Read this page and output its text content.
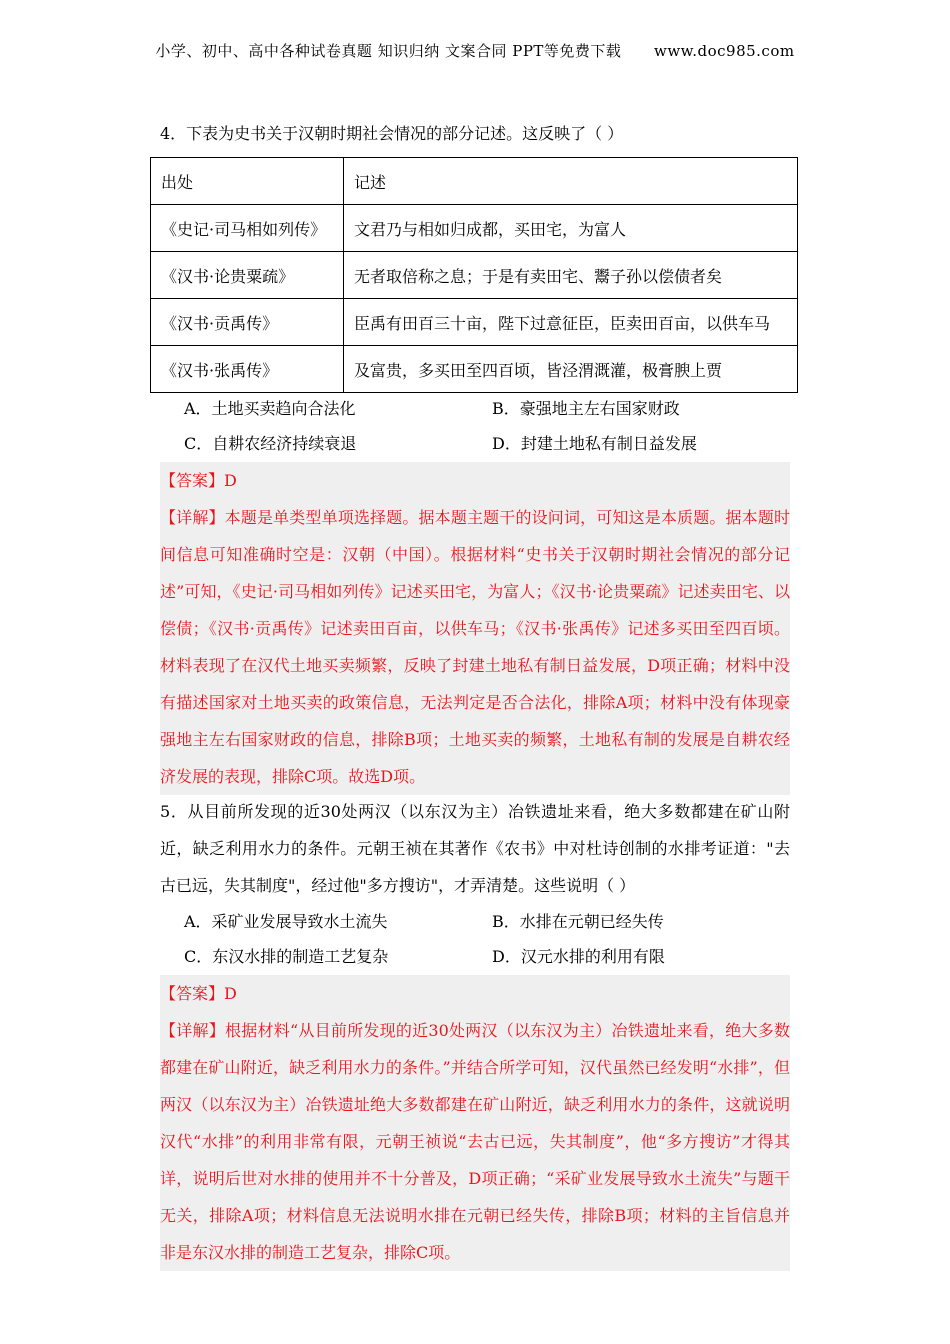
小学、初中、高中各种试卷真题 知识归纳 文案合同 PPT等免费下载 www.doc985.com
4．下表为史书关于汉朝时期社会情况的部分记述。这反映了（ ）
出处	记述
《史记·司马相如列传》	文君乃与相如归成都，买田宅，为富人
《汉书·论贵粟疏》	无者取倍称之息；于是有卖田宅、鬻子孙以偿债者矣
《汉书·贡禹传》	臣禹有田百三十亩，陛下过意征臣，臣卖田百亩，以供车马
《汉书·张禹传》	及富贵，多买田至四百顷，皆泾渭溉灌，极膏腴上贾
A．土地买卖趋向合法化	B．豪强地主左右国家财政
C．自耕农经济持续衰退	D．封建土地私有制日益发展

【答案】D

【详解】本题是单类型单项选择题。据本题主题干的设问词，可知这是本质题。据本题时间信息可知准确时空是：汉朝（中国）。根据材料“史书关于汉朝时期社会情况的部分记述”可知，《史记·司马相如列传》记述买田宅，为富人；《汉书·论贵粟疏》记述卖田宅、以偿债；《汉书·贡禹传》记述卖田百亩，以供车马；《汉书·张禹传》记述多买田至四百顷。材料表现了在汉代土地买卖频繁，反映了封建土地私有制日益发展，D项正确；材料中没有描述国家对土地买卖的政策信息，无法判定是否合法化，排除A项；材料中没有体现豪强地主左右国家财政的信息，排除B项；土地买卖的频繁，土地私有制的发展是自耕农经济发展的表现，排除C项。故选D项。

5．从目前所发现的近30处两汉（以东汉为主）冶铁遗址来看，绝大多数都建在矿山附近，缺乏利用水力的条件。元朝王祯在其著作《农书》中对杜诗创制的水排考证道："去古已远，失其制度"，经过他"多方搜访"，才弄清楚。这些说明（ ）

A．采矿业发展导致水土流失	B．水排在元朝已经失传
C．东汉水排的制造工艺复杂	D．汉元水排的利用有限

【答案】D

【详解】根据材料“从目前所发现的近30处两汉（以东汉为主）冶铁遗址来看，绝大多数都建在矿山附近，缺乏利用水力的条件。”并结合所学可知，汉代虽然已经发明“水排”，但两汉（以东汉为主）冶铁遗址绝大多数都建在矿山附近，缺乏利用水力的条件，这就说明汉代“水排”的利用非常有限，元朝王祯说“去古已远，失其制度”，他“多方搜访”才得其详，说明后世对水排的使用并不十分普及，D项正确；“采矿业发展导致水土流失”与题干无关，排除A项；材料信息无法说明水排在元朝已经失传，排除B项；材料的主旨信息并非是东汉水排的制造工艺复杂，排除C项。
